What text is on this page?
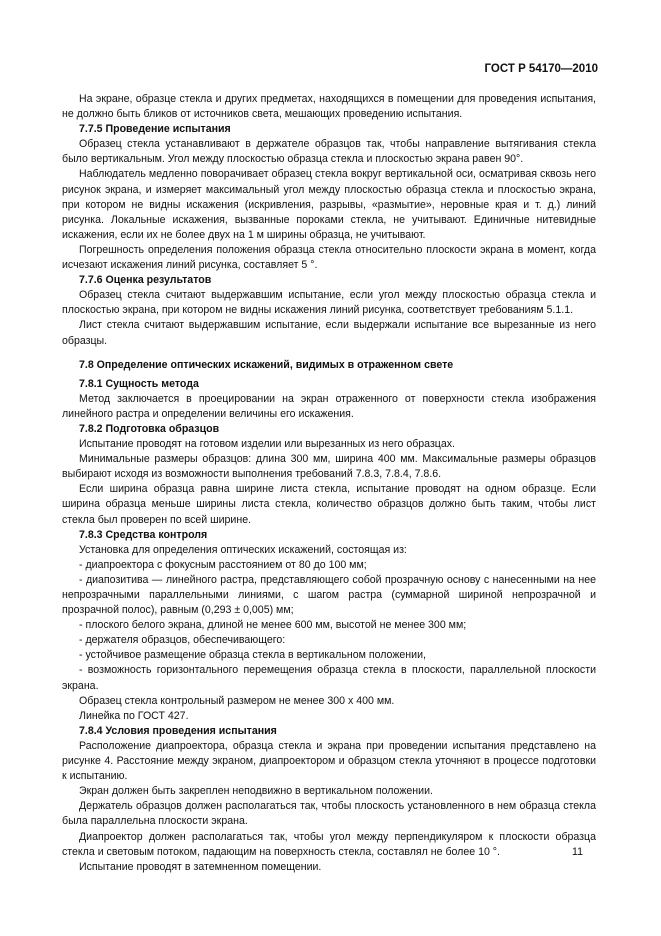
ГОСТ Р 54170—2010

На экране, образце стекла и других предметах, находящихся в помещении для проведения испытания, не должно быть бликов от источников света, мешающих проведению испытания.

7.7.5 Проведение испытания

Образец стекла устанавливают в держателе образцов так, чтобы направление вытягивания стекла было вертикальным. Угол между плоскостью образца стекла и плоскостью экрана равен 90°.

Наблюдатель медленно поворачивает образец стекла вокруг вертикальной оси, осматривая сквозь него рисунок экрана, и измеряет максимальный угол между плоскостью образца стекла и плоскостью экрана, при котором не видны искажения (искривления, разрывы, «размытие», неровные края и т. д.) линий рисунка. Локальные искажения, вызванные пороками стекла, не учитывают. Единичные нитевидные искажения, если их не более двух на 1 м ширины образца, не учитывают.

Погрешность определения положения образца стекла относительно плоскости экрана в момент, когда исчезают искажения линий рисунка, составляет 5 °.

7.7.6 Оценка результатов

Образец стекла считают выдержавшим испытание, если угол между плоскостью образца стекла и плоскостью экрана, при котором не видны искажения линий рисунка, соответствует требованиям 5.1.1.

Лист стекла считают выдержавшим испытание, если выдержали испытание все вырезанные из него образцы.

7.8 Определение оптических искажений, видимых в отраженном свете
7.8.1 Сущность метода

Метод заключается в проецировании на экран отраженного от поверхности стекла изображения линейного растра и определении величины его искажения.

7.8.2 Подготовка образцов

Испытание проводят на готовом изделии или вырезанных из него образцах.

Минимальные размеры образцов: длина 300 мм, ширина 400 мм. Максимальные размеры образцов выбирают исходя из возможности выполнения требований 7.8.3, 7.8.4, 7.8.6.

Если ширина образца равна ширине листа стекла, испытание проводят на одном образце. Если ширина образца меньше ширины листа стекла, количество образцов должно быть таким, чтобы лист стекла был проверен по всей ширине.

7.8.3 Средства контроля

Установка для определения оптических искажений, состоящая из:

- диапроектора с фокусным расстоянием от 80 до 100 мм;

- диапозитива — линейного растра, представляющего собой прозрачную основу с нанесенными на нее непрозрачными параллельными линиями, с шагом растра (суммарной шириной непрозрачной и прозрачной полос), равным (0,293 ± 0,005) мм;

- плоского белого экрана, длиной не менее 600 мм, высотой не менее 300 мм;

- держателя образцов, обеспечивающего:

- устойчивое размещение образца стекла в вертикальном положении,

- возможность горизонтального перемещения образца стекла в плоскости, параллельной плоскости экрана.

Образец стекла контрольный размером не менее 300 х 400 мм.

Линейка по ГОСТ 427.

7.8.4 Условия проведения испытания

Расположение диапроектора, образца стекла и экрана при проведении испытания представлено на рисунке 4. Расстояние между экраном, диапроектором и образцом стекла уточняют в процессе подготовки к испытанию.

Экран должен быть закреплен неподвижно в вертикальном положении.

Держатель образцов должен располагаться так, чтобы плоскость установленного в нем образца стекла была параллельна плоскости экрана.

Диапроектор должен располагаться так, чтобы угол между перпендикуляром к плоскости образца стекла и световым потоком, падающим на поверхность стекла, составлял не более 10 °.

Испытание проводят в затемненном помещении.

11
